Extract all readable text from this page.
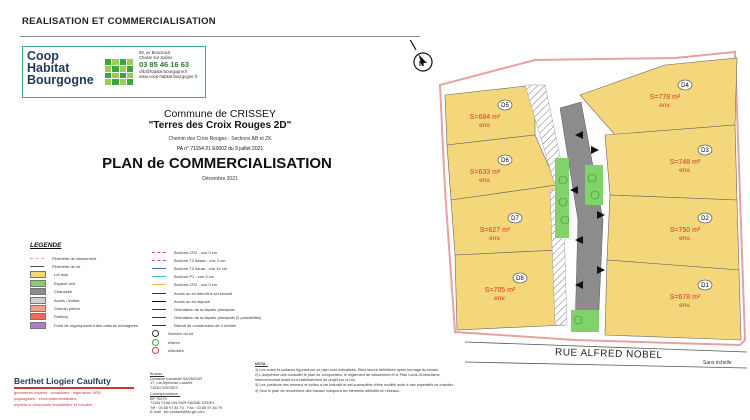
REALISATION ET COMMERCIALISATION
Coop
Habitat
Bourgogne
69, av Boucicaut
Chalon sur Saône
03 85 46 16 63
chb@habitat-bourgogne.fr
www.coop-habitat-bourgogne.fr
Commune de CRISSEY
"Terres des Croix Rouges 2D"
Chemin des Croix Rouges - Sections AB et ZK
PA n° 71154 21 E0002 du 9 juillet 2021
PLAN de COMMERCIALISATION
Décembre 2021
LEGENDE
Périmètre du lotissement
Périmètre du lot
Lot Ilots
Espace vert
Chaussée
Accès / trottoir
Chemin piéton
Parking
Point de regroupement des ordures ménagères
Bordure CR2 - vue 0 cm
Bordure T2 basse - vue 2 cm
Bordure T2 haute - vue 14 cm
Bordure P1 - vue 0 cm
Bordure CR2 - vue 0 cm
Accès au lot interdit à cet endroit
Accès au lot imposé
Orientation de la façade principale
Orientation de la façade principale (2 possibilités)
Retrait de construction de 4 mètres
Numéro du lot
Arbres
Arbustes
N
RUE ALFRED NOBEL
D1
S=678 m²
env.
D2
S=750 m²
env.
D3
S=748 m²
env.
D4
S=778 m²
env.
D5
S=684 m²
env.
D6
S=633 m²
env.
D7
S=627 m²
env.
D8
S=705 m²
env.
Sans échelle
Berthet Liogier Caulfuty
géomètres-experts · urbanistes · ingénieurs VRD
paysagistes · environnementalistes
experts en économie immobilière et foncière
Bureau :
Domaine Industriel SAONGOR
17, rue Alphonse Laurent
71530 CRISSEY
Correspondance :
BP 70079
71104 CHALON SUR SAONE CEDEX
Tél : 03 85 97 84 70 - Fax : 03 85 97 84 79
E-mail : blc.contact@blc-ge.com
NOTA :
1) Les cotes et surfaces figurant sur ce plan sont indicatives. Elles seront définitives après bornage du terrain.
2) L'acquéreur doit consulter le plan de composition, le règlement de lotissement et le Plan Local d'Urbanisme intercommunal avant tout établissement de projet sur un lot.
3) Les positions des réseaux et boîtes à lire indicatif et est susceptible d'être modifié suite à des impératifs de chantier.
4) Seul le plan de récolement des travaux indiquera les éléments définitifs en réseaux.
